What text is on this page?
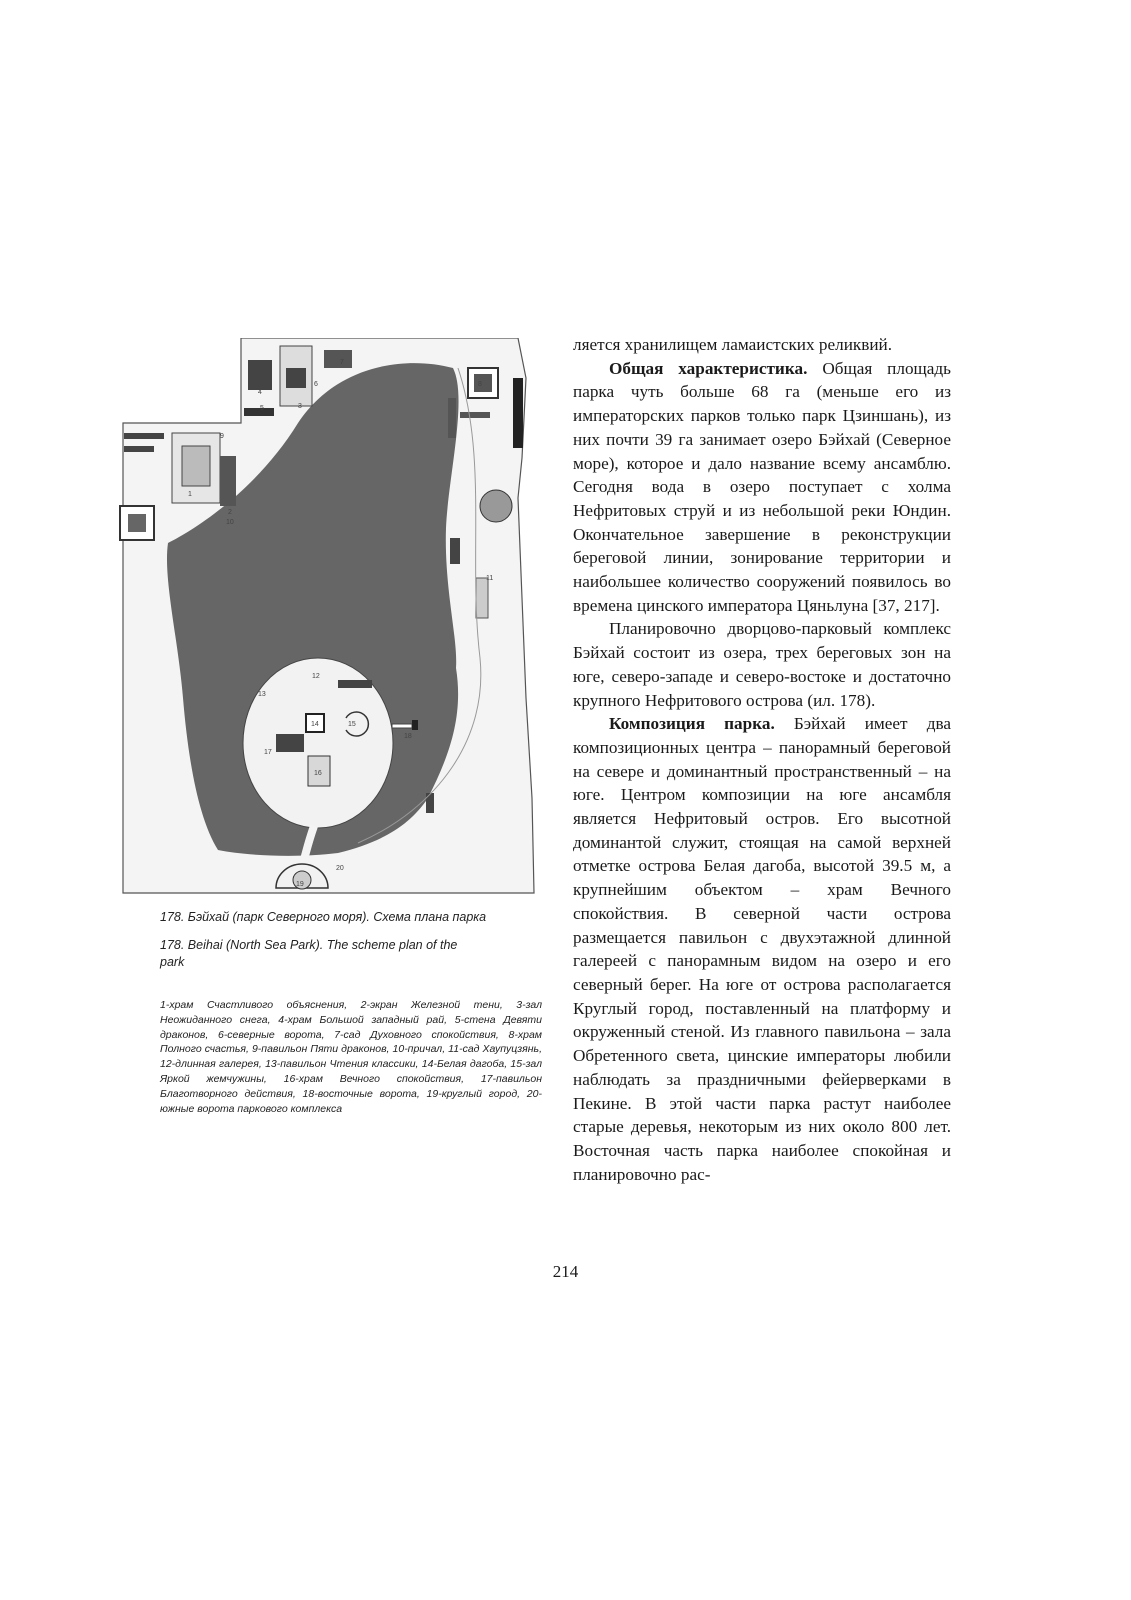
1
2
3
4
5
6
7
8
9
10
11
12
13
14	15
16
17
18
19
20
178. Бэйхай (парк Северного моря). Схема плана парка
178. Beihai (North Sea Park). The scheme plan of the park
1-храм Счастливого объяснения, 2-экран Железной тени, 3-зал Неожиданного снега, 4-храм Большой западный рай, 5-стена Девяти драконов, 6-северные ворота, 7-сад Духовного спокойствия, 8-храм Полного счастья, 9-павильон Пяти драконов, 10-причал, 11-сад Хаупуцзянь, 12-длинная галерея, 13-павильон Чтения классики, 14-Белая дагоба, 15-зал Яркой жемчужины, 16-храм Вечного спокойствия, 17-павильон Благотворного действия, 18-восточные ворота, 19-круглый город, 20-южные ворота паркового комплекса

ляется хранилищем ламаистских реликвий.

Общая характеристика. Общая площадь парка чуть больше 68 га (меньше его из императорских парков только парк Цзиншань), из них почти 39 га занимает озеро Бэйхай (Северное море), которое и дало название всему ансамблю. Сегодня вода в озеро поступает с холма Нефритовых струй и из небольшой реки Юндин. Окончательное завершение в реконструкции береговой линии, зонирование территории и наибольшее количество сооружений появилось во времена цинского императора Цяньлуна [37, 217].

Планировочно дворцово-парковый комплекс Бэйхай состоит из озера, трех береговых зон на юге, северо-западе и северо-востоке и достаточно крупного Нефритового острова (ил. 178).

Композиция парка. Бэйхай имеет два композиционных центра – панорамный береговой на севере и доминантный пространственный – на юге. Центром композиции на юге ансамбля является Нефритовый остров. Его высотной доминантой служит, стоящая на самой верхней отметке острова Белая дагоба, высотой 39.5 м, а крупнейшим объектом – храм Вечного спокойствия. В северной части острова размещается павильон с двухэтажной длинной галереей с панорамным видом на озеро и его северный берег. На юге от острова располагается Круглый город, поставленный на платформу и окруженный стеной. Из главного павильона – зала Обретенного света, цинские императоры любили наблюдать за праздничными фейерверками в Пекине. В этой части парка растут наиболее старые деревья, некоторым из них около 800 лет. Восточная часть парка наиболее спокойная и планировочно рас-

214
